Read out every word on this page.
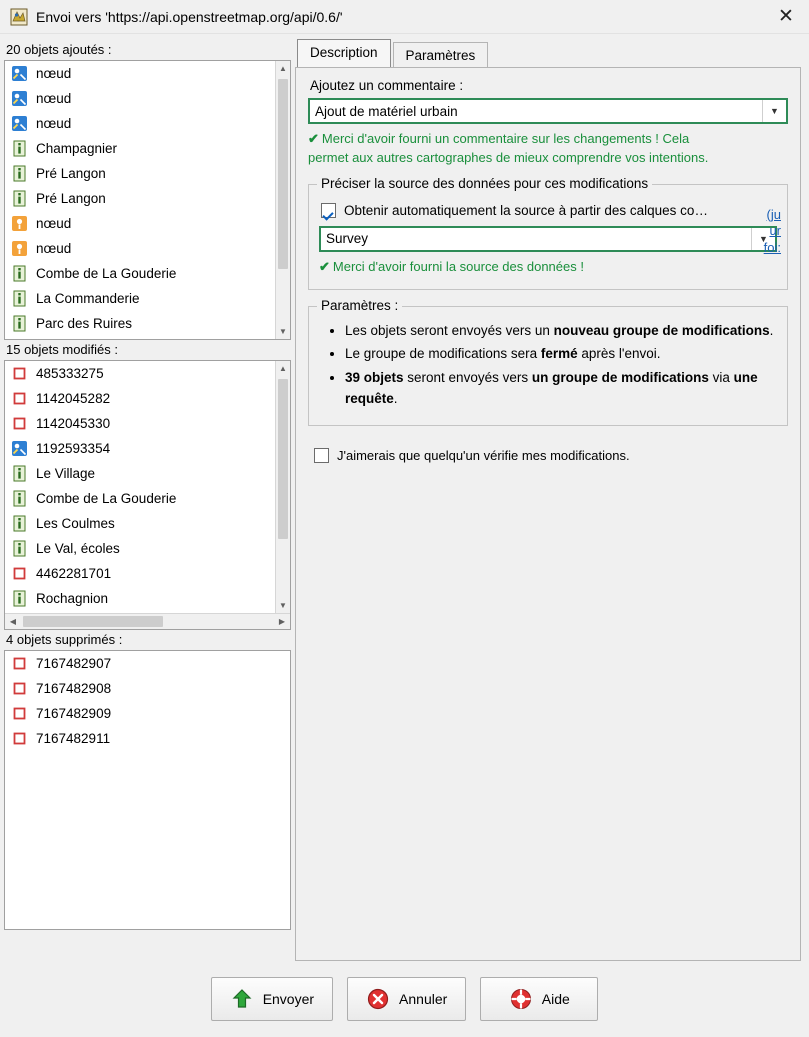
Envoi vers 'https://api.openstreetmap.org/api/0.6/'	✕
20 objets ajoutés :
nœud
nœud
nœud
Champagnier
Pré Langon
Pré Langon
nœud
nœud
Combe de La Gouderie
La Commanderie
Parc des Ruires
▲
▼
15 objets modifiés :
485333275
1142045282
1142045330
1192593354
Le Village
Combe de La Gouderie
Les Coulmes
Le Val, écoles
4462281701
Rochagnion
▲
▼
◀	▶
4 objets supprimés :
7167482907
7167482908
7167482909
7167482911
Description	Paramètres
Ajoutez un commentaire :
Ajout de matériel urbain	▼
✔ Merci d'avoir fourni un commentaire sur les changements ! Cela
permet aux autres cartographes de mieux comprendre vos intentions.
Préciser la source des données pour ces modifications
(ju
ur
foi:
Obtenir automatiquement la source à partir des calques co…
Survey	▼
✔ Merci d'avoir fourni la source des données !
Paramètres :
• Les objets seront envoyés vers un nouveau groupe de modifications.
• Le groupe de modifications sera fermé après l'envoi.
• 39 objets seront envoyés vers un groupe de modifications via une requête.
J'aimerais que quelqu'un vérifie mes modifications.
Envoyer	Annuler	Aide
